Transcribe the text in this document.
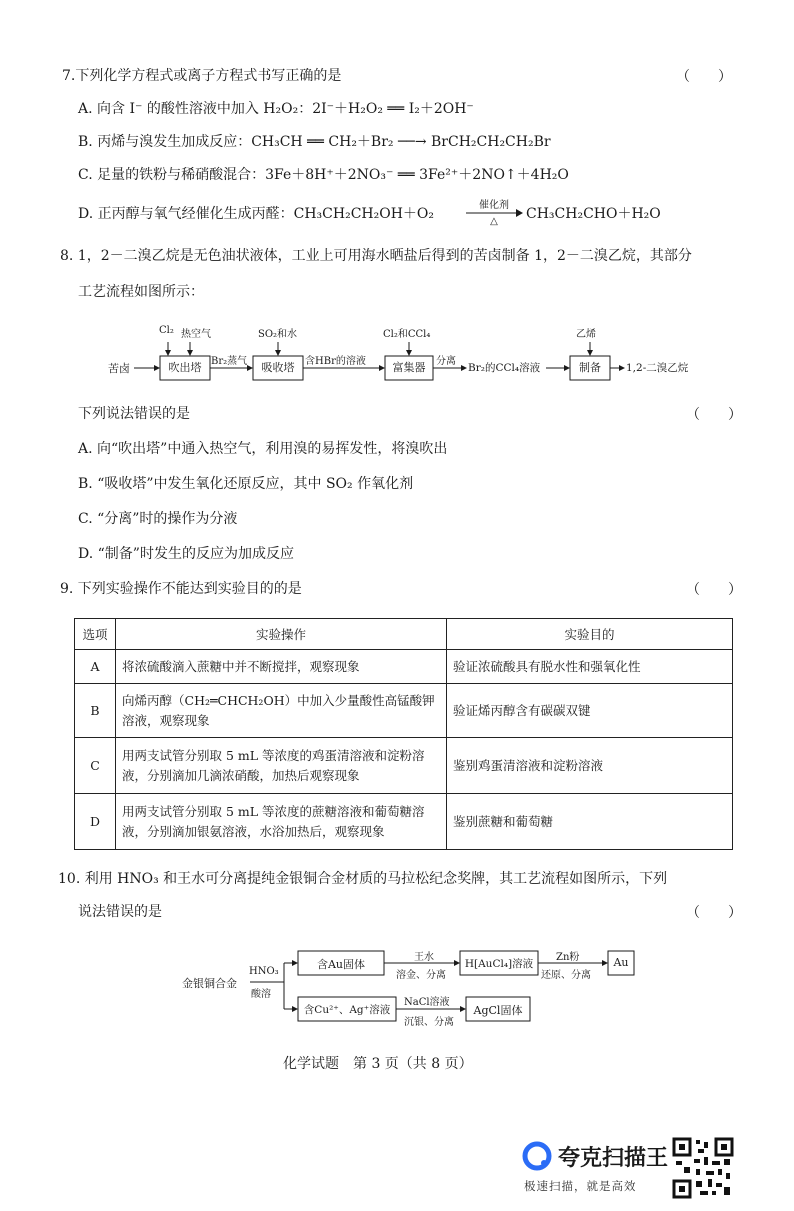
7.下列化学方程式或离子方程式书写正确的是	（　　）
A. 向含 I⁻ 的酸性溶液中加入 H₂O₂：2I⁻＋H₂O₂ ══ I₂＋2OH⁻
B. 丙烯与溴发生加成反应：CH₃CH ══ CH₂＋Br₂ ──→ BrCH₂CH₂CH₂Br
C. 足量的铁粉与稀硝酸混合：3Fe＋8H⁺＋2NO₃⁻ ══ 3Fe²⁺＋2NO↑＋4H₂O
D. 正丙醇与氧气经催化生成丙醛：CH₃CH₂CH₂OH＋O₂
催化剂
△	CH₃CH₂CHO＋H₂O
8. 1，2－二溴乙烷是无色油状液体，工业上可用海水晒盐后得到的苦卤制备 1，2－二溴乙烷，其部分
工艺流程如图所示：
苦卤	吹出塔
Cl₂ 热空气
Br₂蒸气	吸收塔
SO₂和水
含HBr的溶液	富集器
Cl₂和CCl₄
分离
Br₂的CCl₄溶液	制备
乙烯
1,2-二溴乙烷
下列说法错误的是	（　　）
A. 向“吹出塔”中通入热空气，利用溴的易挥发性，将溴吹出
B. “吸收塔”中发生氧化还原反应，其中 SO₂ 作氧化剂
C. “分离”时的操作为分液
D. “制备”时发生的反应为加成反应
9. 下列实验操作不能达到实验目的的是	（　　）
选项	实验操作	实验目的
A	将浓硫酸滴入蔗糖中并不断搅拌，观察现象	验证浓硫酸具有脱水性和强氧化性
B	向烯丙醇（CH₂═CHCH₂OH）中加入少量酸性高锰酸钾溶液，观察现象	验证烯丙醇含有碳碳双键
C	用两支试管分别取 5 mL 等浓度的鸡蛋清溶液和淀粉溶液，分别滴加几滴浓硝酸，加热后观察现象	鉴别鸡蛋清溶液和淀粉溶液
D	用两支试管分别取 5 mL 等浓度的蔗糖溶液和葡萄糖溶液，分别滴加银氨溶液，水浴加热后，观察现象	鉴别蔗糖和葡萄糖
10. 利用 HNO₃ 和王水可分离提纯金银铜合金材质的马拉松纪念奖牌，其工艺流程如图所示，下列
说法错误的是	（　　）
金银铜合金
HNO₃
酸溶
含Au固体
王水
溶金、分离
H[AuCl₄]溶液
Zn粉
还原、分离
Au
含Cu²⁺、Ag⁺溶液
NaCl溶液
沉银、分离
AgCl固体
化学试题　第 3 页（共 8 页）
夸克扫描王
极速扫描，就是高效
